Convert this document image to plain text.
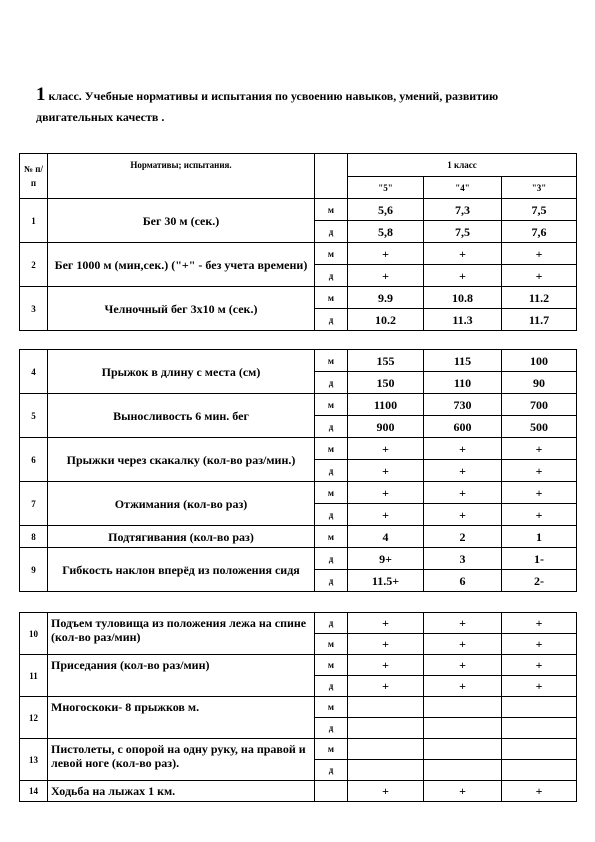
1 класс. Учебные нормативы и испытания по усвоению навыков, умений, развитию двигательных качеств .
№ п/п	Нормативы; испытания.		1 класс		
			"5"	"4"	"3"
1	Бег 30 м (сек.)	м	5,6	7,3	7,5
		д	5,8	7,5	7,6
2	Бег 1000 м (мин,сек.) ("+" - без учета времени)	м	+	+	+
		д	+	+	+
3	Челночный бег 3х10 м (сек.)	м	9.9	10.8	11.2
		д	10.2	11.3	11.7
4	Прыжок в длину с места (см)	м	155	115	100
		д	150	110	90
5	Выносливость 6 мин. бег	м	1100	730	700
		д	900	600	500
6	Прыжки через скакалку (кол-во раз/мин.)	м	+	+	+
		д	+	+	+
7	Отжимания (кол-во раз)	м	+	+	+
		д	+	+	+
8	Подтягивания (кол-во раз)	м	4	2	1
9	Гибкость наклон вперёд из положения сидя	д	9+	3	1-
		д	11.5+	6	2-
10	Подъем туловища из положения лежа на спине (кол-во раз/мин)	д	+	+	+
		м	+	+	+
11	Приседания (кол-во раз/мин)	м	+	+	+
		д	+	+	+
12	Многоскоки- 8 прыжков м.	м			
		д			
13	Пистолеты, с опорой на одну руку, на правой и левой ноге (кол-во раз).	м			
		д			
14	Ходьба на лыжах 1 км.		+	+	+
